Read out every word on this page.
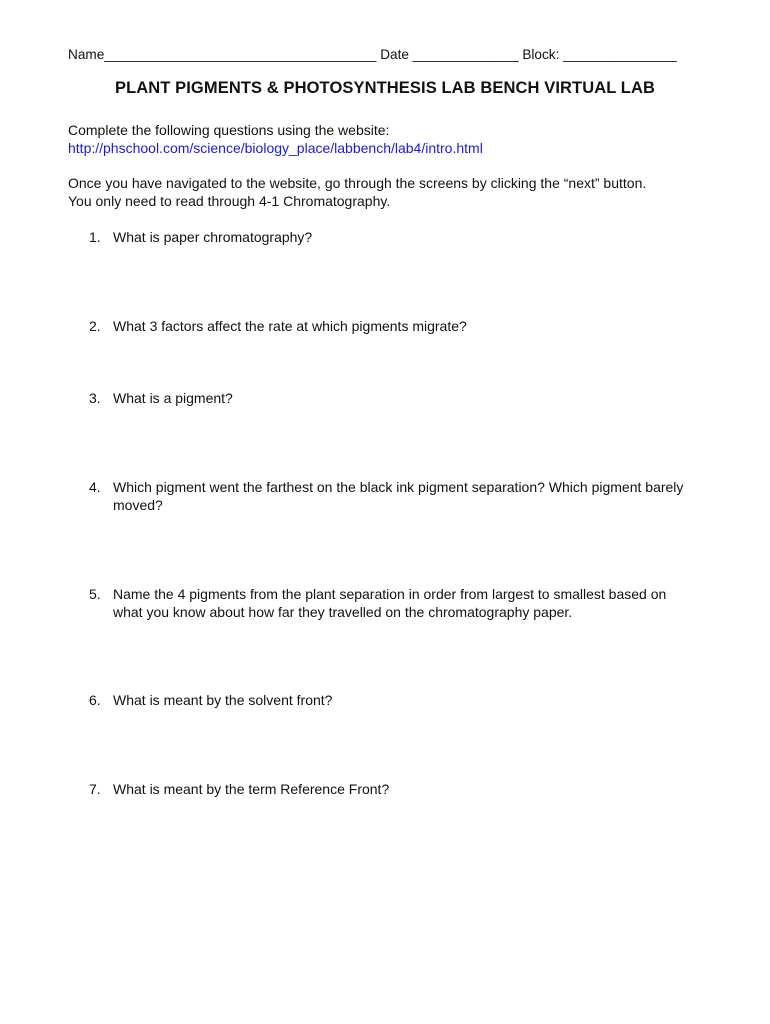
Name____________________________________ Date ______________ Block: _______________
PLANT PIGMENTS & PHOTOSYNTHESIS LAB BENCH VIRTUAL LAB
Complete the following questions using the website:
http://phschool.com/science/biology_place/labbench/lab4/intro.html
Once you have navigated to the website, go through the screens by clicking the “next” button.
You only need to read through 4-1 Chromatography.
1. What is paper chromatography?
2. What 3 factors affect the rate at which pigments migrate?
3. What is a pigment?
4. Which pigment went the farthest on the black ink pigment separation? Which pigment barely moved?
5. Name the 4 pigments from the plant separation in order from largest to smallest based on what you know about how far they travelled on the chromatography paper.
6. What is meant by the solvent front?
7. What is meant by the term Reference Front?
